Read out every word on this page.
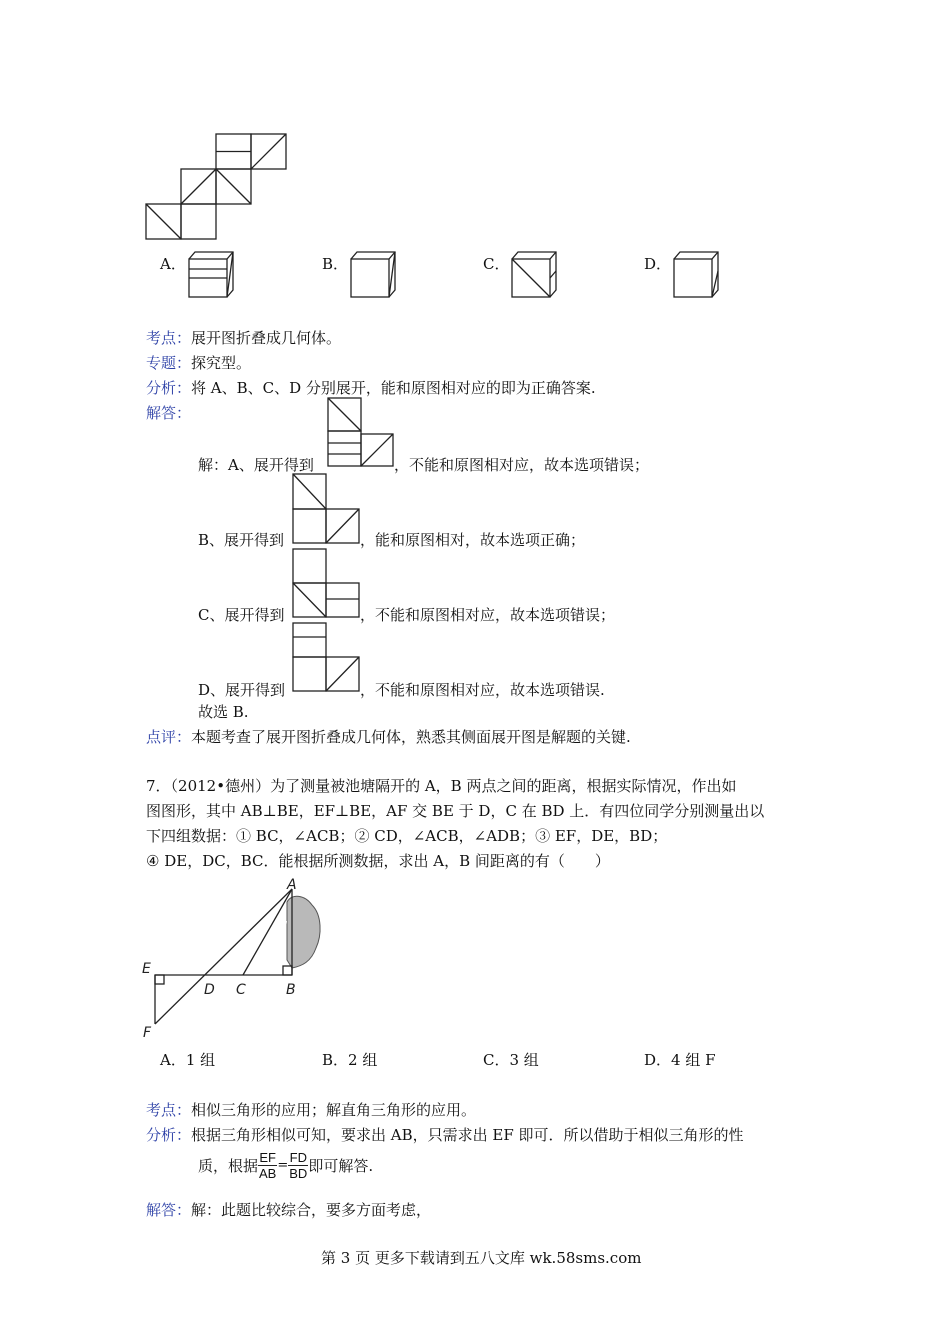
A．	B．	C．	D．
考点：展开图折叠成几何体。
专题：探究型。
分析：将 A、B、C、D 分别展开，能和原图相对应的即为正确答案.
解答：
解：A、展开得到	，不能和原图相对应，故本选项错误；
B、展开得到	，能和原图相对，故本选项正确；
C、展开得到	，不能和原图相对应，故本选项错误；
D、展开得到	，不能和原图相对应，故本选项错误.
故选 B.
点评：本题考查了展开图折叠成几何体，熟悉其侧面展开图是解题的关键.
7．（2012•德州）为了测量被池塘隔开的 A，B 两点之间的距离，根据实际情况，作出如
图图形，其中 AB⊥BE，EF⊥BE，AF 交 BE 于 D，C 在 BD 上．有四位同学分别测量出以
下四组数据：① BC，∠ACB；② CD，∠ACB，∠ADB；③ EF，DE，BD；
④ DE，DC，BC．能根据所测数据，求出 A，B 间距离的有（　　）
A
E
D C	B
F
A．1 组	B．2 组	C．3 组	D．4 组 F
考点：相似三角形的应用；解直角三角形的应用。
分析：根据三角形相似可知，要求出 AB，只需求出 EF 即可．所以借助于相似三角形的性
质，根据 $\frac{EF}{AB} = \frac{FD}{BD}$ 即可解答.
解答：解：此题比较综合，要多方面考虑，
第 3 页 更多下载请到五八文库 wk.58sms.com
